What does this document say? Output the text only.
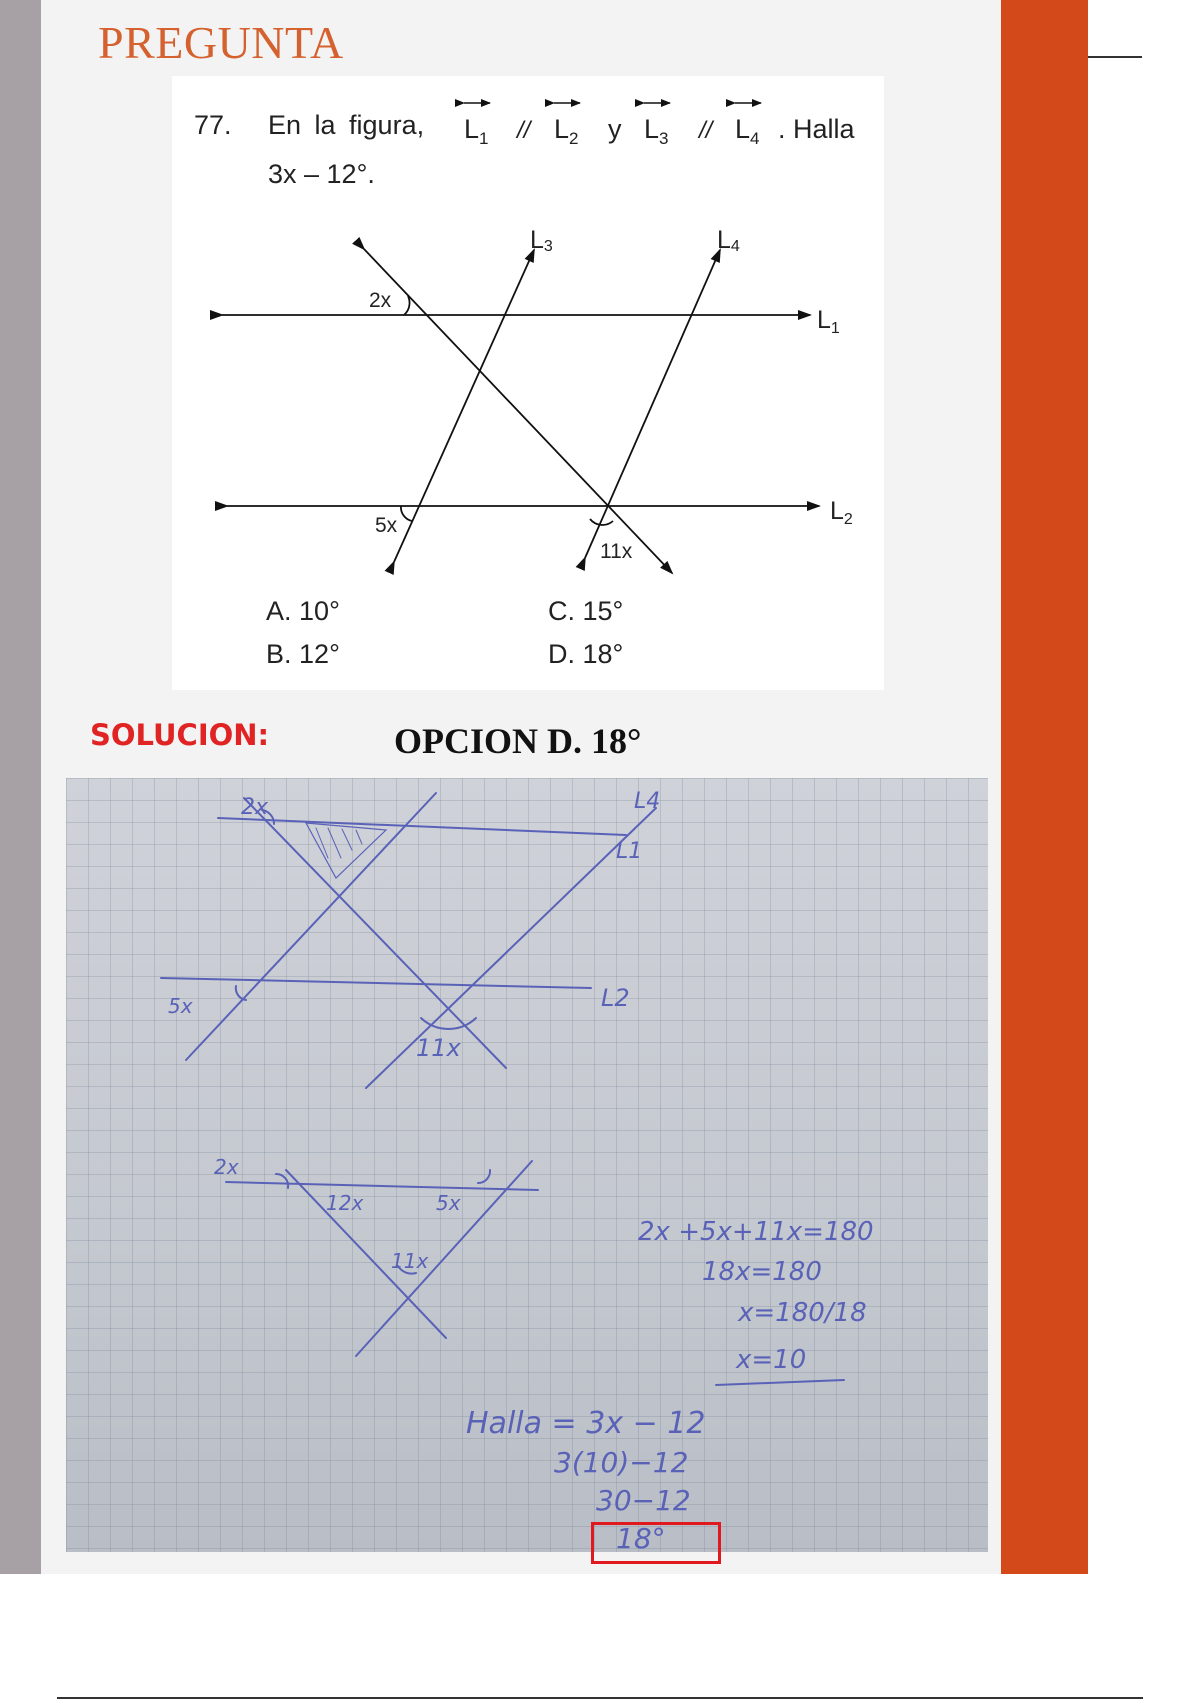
PREGUNTA
77. En la figura, $L_1 // L_2$ y $L_3 // L_4$ . Halla
3x – 12°.
2x
5x
11x
$L_1$
$L_2$
L3	L4
A. 10°
B. 12°
C. 15°
D. 18°
SOLUCION:	OPCION D. 18°
2x
5x
11x
L1
L2
L4
2x
12x	5x
11x
2x +5x+11x=180
18x=180
x=180/18
x=10
Halla = 3x − 12
3(10)−12
30−12
18°
